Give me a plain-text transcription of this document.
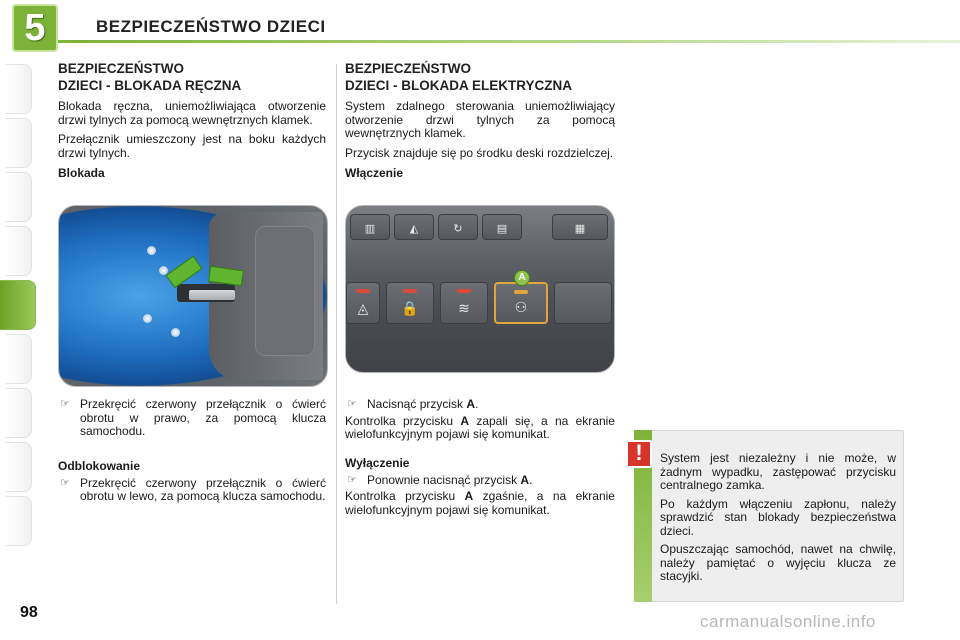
5	BEZPIECZEŃSTWO DZIECI
BEZPIECZEŃSTWO
DZIECI - BLOKADA RĘCZNA

Blokada ręczna, uniemożliwiająca otworzenie drzwi tylnych za pomocą wewnętrznych klamek.

Przełącznik umieszczony jest na boku każdych drzwi tylnych.

Blokada
☞ Przekręcić czerwony przełącznik o ćwierć obrotu w prawo, za pomocą klucza samochodu.
Odblokowanie
☞ Przekręcić czerwony przełącznik o ćwierć obrotu w lewo, za pomocą klucza samochodu.
BEZPIECZEŃSTWO
DZIECI - BLOKADA ELEKTRYCZNA

System zdalnego sterowania uniemożliwiający otworzenie drzwi tylnych za pomocą wewnętrznych klamek.

Przycisk znajduje się po środku deski rozdzielczej.

Włączenie
▥	◭	↻	▤	▦
◬	🔒	≋	⚇
A
☞ Nacisnąć przycisk A.

Kontrolka przycisku A zapali się, a na ekranie wielofunkcyjnym pojawi się komunikat.

Wyłączenie
☞ Ponownie nacisnąć przycisk A.

Kontrolka przycisku A zgaśnie, a na ekranie wielofunkcyjnym pojawi się komunikat.

!	System jest niezależny i nie może, w żadnym wypadku, zastępować przycisku centralnego zamka.

Po każdym włączeniu zapłonu, należy sprawdzić stan blokady bezpieczeństwa dzieci.

Opuszczając samochód, nawet na chwilę, należy pamiętać o wyjęciu klucza ze stacyjki.

98	carmanualsonline.info
